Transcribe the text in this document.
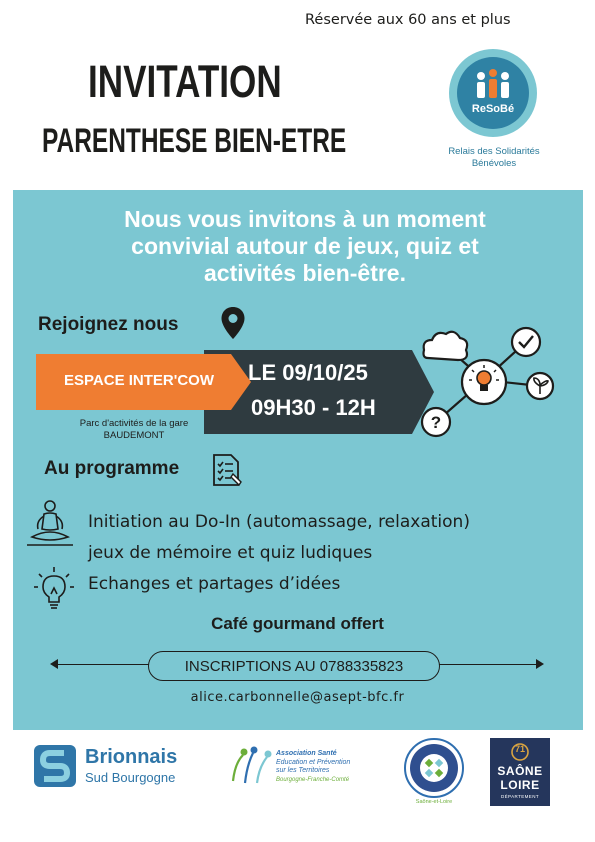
Réservée aux 60 ans et plus
INVITATION
PARENTHESE BIEN-ETRE
ReSoBé
Relais des Solidarités
Bénévoles
Nous vous invitons à un moment
convivial autour de jeux, quiz et
activités bien-être.
Rejoignez nous
ESPACE INTER'COW	LE 09/10/25
09H30 - 12H
Parc d'activités de la gare
BAUDEMONT
?
Au programme
Initiation au Do-In (automassage, relaxation)
jeux de mémoire et quiz ludiques
Echanges et partages d’idées
Café gourmand offert
INSCRIPTIONS AU 0788335823
alice.carbonnelle@asept-bfc.fr
Brionnais
Sud Bourgogne
Association Santé
Education et Prévention
sur les Territoires
Bourgogne-Franche-Comté
Saône-et-Loire
71
SAÔNE
LOIRE
DÉPARTEMENT
